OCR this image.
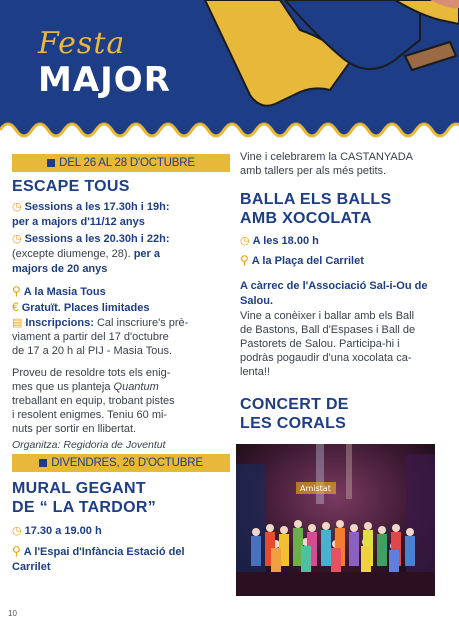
Festa
MAJOR
DEL 26 AL 28 D'OCTUBRE
ESCAPE TOUS
◷ Sessions a les 17.30h i 19h:
per a majors d'11/12 anys
◷ Sessions a les 20.30h i 22h:
(excepte diumenge, 28). per a
majors de 20 anys
⚲ A la Masia Tous
€ Gratuït. Places limitades
▤ Inscripcions: Cal inscriure's prè-
viament a partir del 17 d'octubre
de 17 a 20 h al PIJ - Masia Tous.
Proveu de resoldre tots els enig-
mes que us planteja Quantum
treballant en equip, trobant pistes
i resolent enigmes. Teniu 60 mi-
nuts per sortir en llibertat.
Organitza: Regidoria de Joventut
DIVENDRES, 26 D'OCTUBRE
MURAL GEGANT
DE “ LA TARDOR”
◷ 17.30 a 19.00 h
⚲ A l'Espai d'Infància Estació del
Carrilet
Vine i celebrarem la CASTANYADA
amb tallers per als més petits.
BALLA ELS BALLS
AMB XOCOLATA
◷ A les 18.00 h
⚲ A la Plaça del Carrilet
A càrrec de l'Associació Sal-i-Ou de
Salou.
Vine a conèixer i ballar amb els Ball
de Bastons, Ball d'Espases i Ball de
Pastorets de Salou. Participa-hi i
podràs pogaudir d'una xocolata ca-
lenta!!
CONCERT DE
LES CORALS
Amistat
10
